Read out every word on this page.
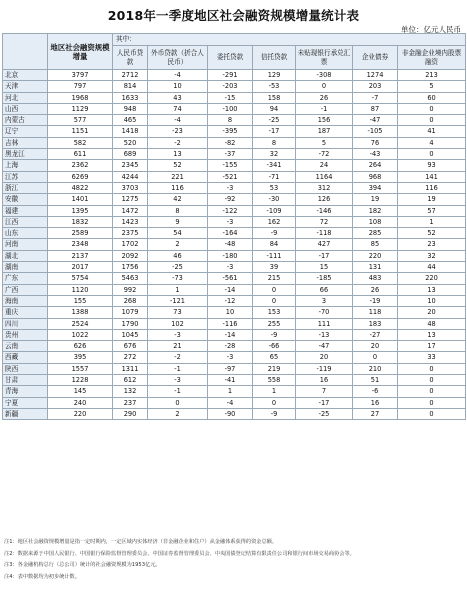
2018年一季度地区社会融资规模增量统计表
单位：亿元人民币
	地区社会融资规模增量	其中：						
		人民币贷款	外币贷款（折合人民币）	委托贷款	信托贷款	未贴现银行承兑汇票	企业债券	非金融企业境内股票融资
北京	3797	2712	-4	-291	129	-308	1274	213
天津	797	814	10	-203	-53	0	203	5
河北	1968	1633	43	-15	158	26	-7	60
山西	1129	948	74	-100	94	-1	87	0
内蒙古	577	465	-4	8	-25	156	-47	0
辽宁	1151	1418	-23	-395	-17	187	-105	41
吉林	582	520	-2	-82	8	5	76	4
黑龙江	611	689	13	-37	32	-72	-43	0
上海	2362	2345	52	-155	-341	24	264	93
江苏	6269	4244	221	-521	-71	1164	968	141
浙江	4822	3703	116	-3	53	312	394	116
安徽	1401	1275	42	-92	-30	126	19	19
福建	1395	1472	8	-122	-109	-146	182	57
江西	1832	1423	9	-3	162	72	108	1
山东	2589	2375	54	-164	-9	-118	285	52
河南	2348	1702	2	-48	84	427	85	23
湖北	2137	2092	46	-180	-111	-17	220	32
湖南	2017	1756	-25	-3	39	15	131	44
广东	5754	5463	-73	-561	215	-185	483	220
广西	1120	992	1	-14	0	66	26	13
海南	155	268	-121	-12	0	3	-19	10
重庆	1388	1079	73	10	153	-70	118	20
四川	2524	1790	102	-116	255	111	183	48
贵州	1022	1045	-3	-14	-9	-13	-27	13
云南	626	676	21	-28	-66	-47	20	17
西藏	395	272	-2	-3	65	20	0	33
陕西	1557	1311	-1	-97	219	-119	210	0
甘肃	1228	612	-3	-41	558	16	51	0
青海	145	132	-1	1	1	7	-6	0
宁夏	240	237	0	-4	0	-17	16	0
新疆	220	290	2	-90	-9	-25	27	0
注1：地区社会融资规模增量是指一定时期内，一定区域内实体经济（非金融企业和住户）从金融体系获得的资金总额。
注2：数据来源于中国人民银行、中国银行保险监督管理委员会、中国证券监督管理委员会、中央国债登记结算有限责任公司和银行间市场交易商协会等。
注3：各金融机构总行（总公司）统计的社会融资规模为1953亿元。
注4：表中数据均为初步统计数。
